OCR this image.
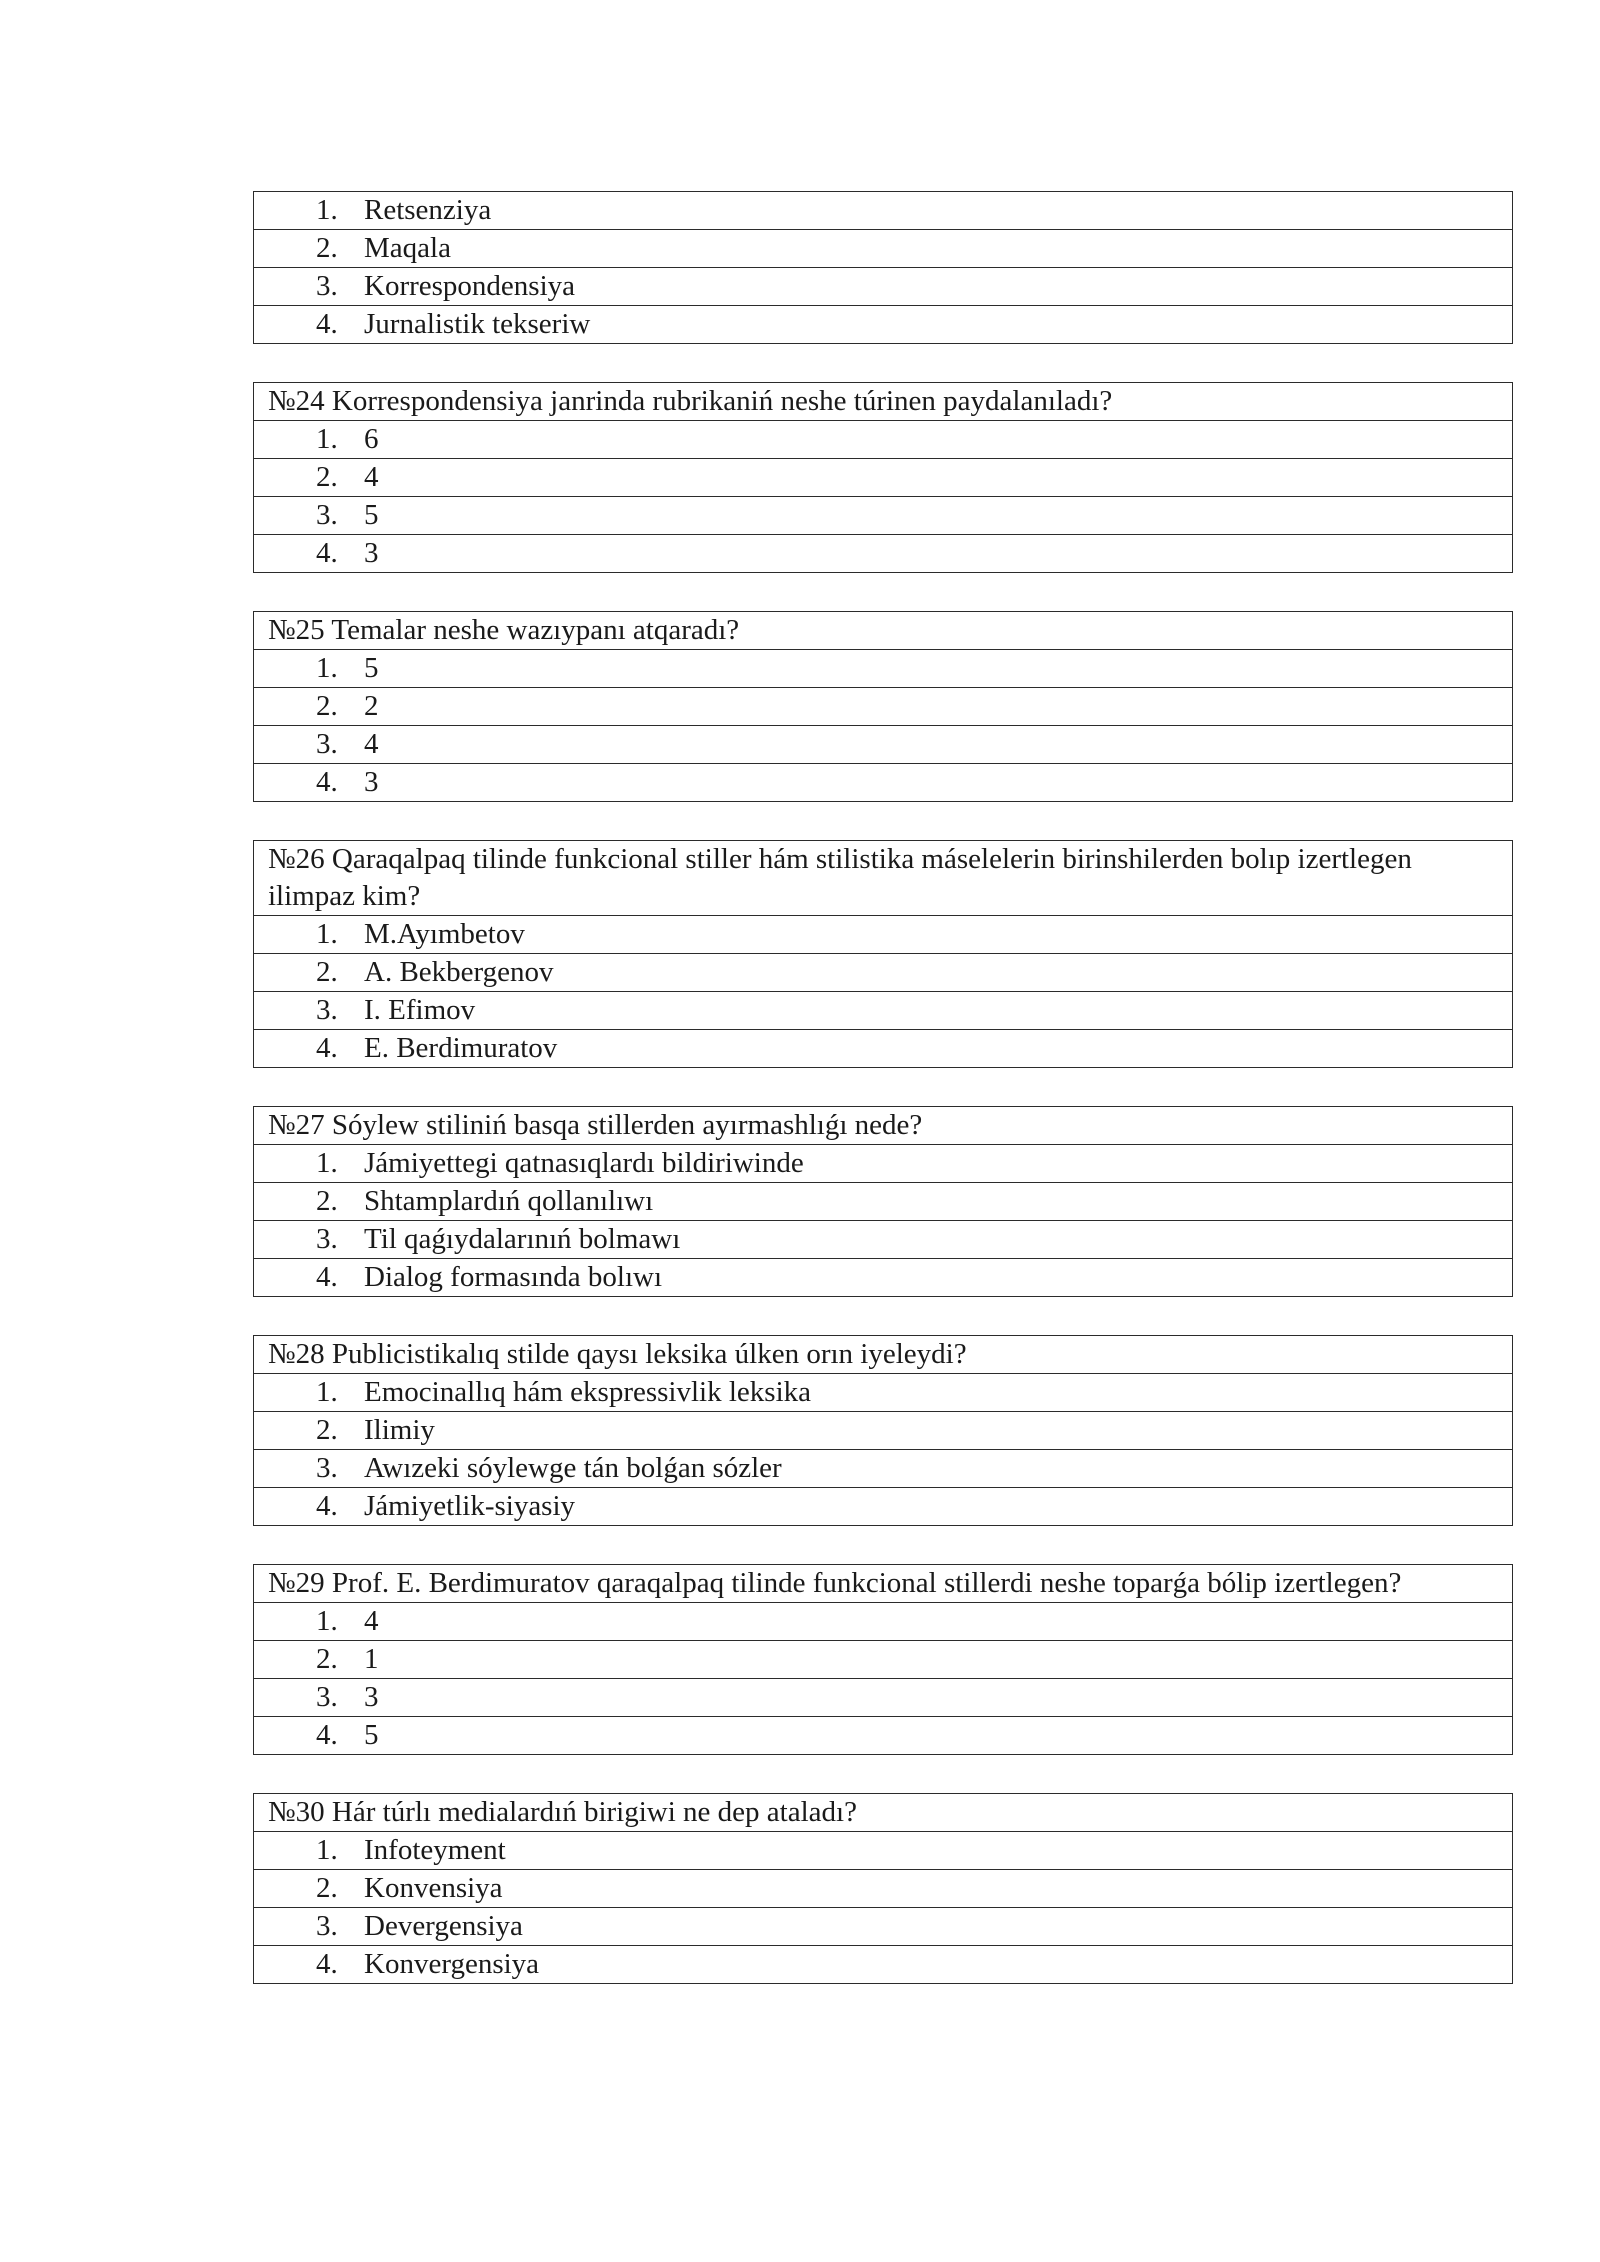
1. Retsenziya
2. Maqala
3. Korrespondensiya
4. Jurnalistik tekseriw
№24 Korrespondensiya janrinda rubrikaniń neshe túrinen paydalanıladı?
1. 6
2. 4
3. 5
4. 3
№25 Temalar neshe wazıypanı atqaradı?
1. 5
2. 2
3. 4
4. 3
№26 Qaraqalpaq tilinde funkcional stiller hám stilistika máselelerin birinshilerden bolıp izertlegen ilimpaz kim?
1. M.Ayımbetov
2. A. Bekbergenov
3. I. Efimov
4. E. Berdimuratov
№27 Sóylew stiliniń basqa stillerden ayırmashlıǵı nede?
1. Jámiyettegi qatnasıqlardı bildiriwinde
2. Shtamplardıń qollanılıwı
3. Til qaǵıydalarınıń bolmawı
4. Dialog formasında bolıwı
№28 Publicistikalıq stilde qaysı leksika úlken orın iyeleydi?
1. Emocinallıq hám ekspressivlik leksika
2. Ilimiy
3. Awızeki sóylewge tán bolǵan sózler
4. Jámiyetlik-siyasiy
№29 Prof. E. Berdimuratov qaraqalpaq tilinde funkcional stillerdi neshe toparǵa bólip izertlegen?
1. 4
2. 1
3. 3
4. 5
№30 Hár túrlı medialardıń birigiwi ne dep ataladı?
1. Infoteyment
2. Konvensiya
3. Devergensiya
4. Konvergensiya
